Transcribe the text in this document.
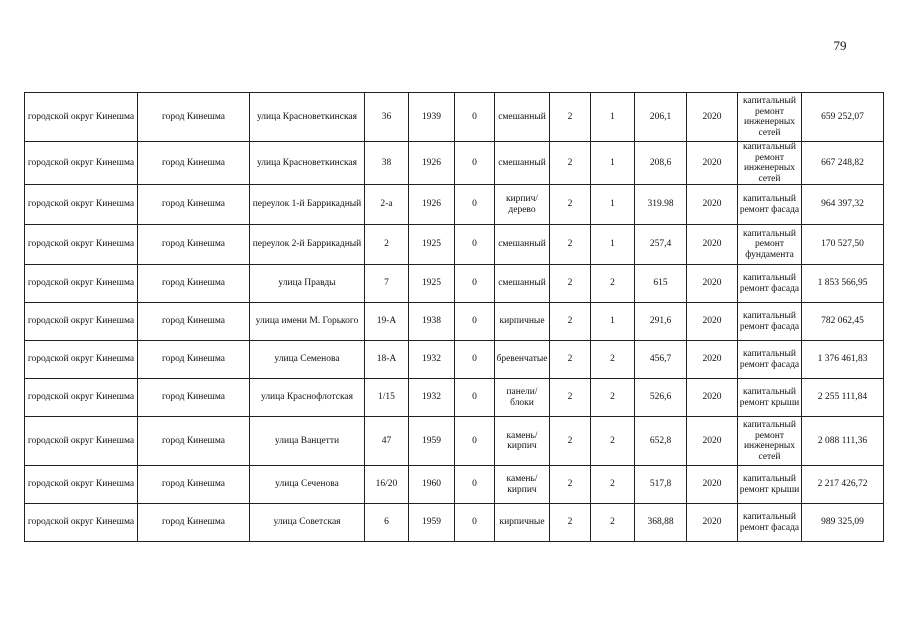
79
городской округ Кинешма	город Кинешма	улица Красноветкинская	36	1939	0	смешанный	2	1	206,1	2020	капитальный ремонт инженерных сетей	659 252,07
городской округ Кинешма	город Кинешма	улица Красноветкинская	38	1926	0	смешанный	2	1	208,6	2020	капитальный ремонт инженерных сетей	667 248,82
городской округ Кинешма	город Кинешма	переулок 1-й Баррикадный	2-а	1926	0	кирпич/дерево	2	1	319.98	2020	капитальный ремонт фасада	964 397,32
городской округ Кинешма	город Кинешма	переулок 2-й Баррикадный	2	1925	0	смешанный	2	1	257,4	2020	капитальный ремонт фундамента	170 527,50
городской округ Кинешма	город Кинешма	улица Правды	7	1925	0	смешанный	2	2	615	2020	капитальный ремонт фасада	1 853 566,95
городской округ Кинешма	город Кинешма	улица имени М. Горького	19-А	1938	0	кирпичные	2	1	291,6	2020	капитальный ремонт фасада	782 062,45
городской округ Кинешма	город Кинешма	улица Семенова	18-А	1932	0	бревенчатые	2	2	456,7	2020	капитальный ремонт фасада	1 376 461,83
городской округ Кинешма	город Кинешма	улица Краснофлотская	1/15	1932	0	панели/блоки	2	2	526,6	2020	капитальный ремонт крыши	2 255 111,84
городской округ Кинешма	город Кинешма	улица Ванцетти	47	1959	0	камень/кирпич	2	2	652,8	2020	капитальный ремонт инженерных сетей	2 088 111,36
городской округ Кинешма	город Кинешма	улица Сеченова	16/20	1960	0	камень/кирпич	2	2	517,8	2020	капитальный ремонт крыши	2 217 426,72
городской округ Кинешма	город Кинешма	улица Советская	6	1959	0	кирпичные	2	2	368,88	2020	капитальный ремонт фасада	989 325,09
